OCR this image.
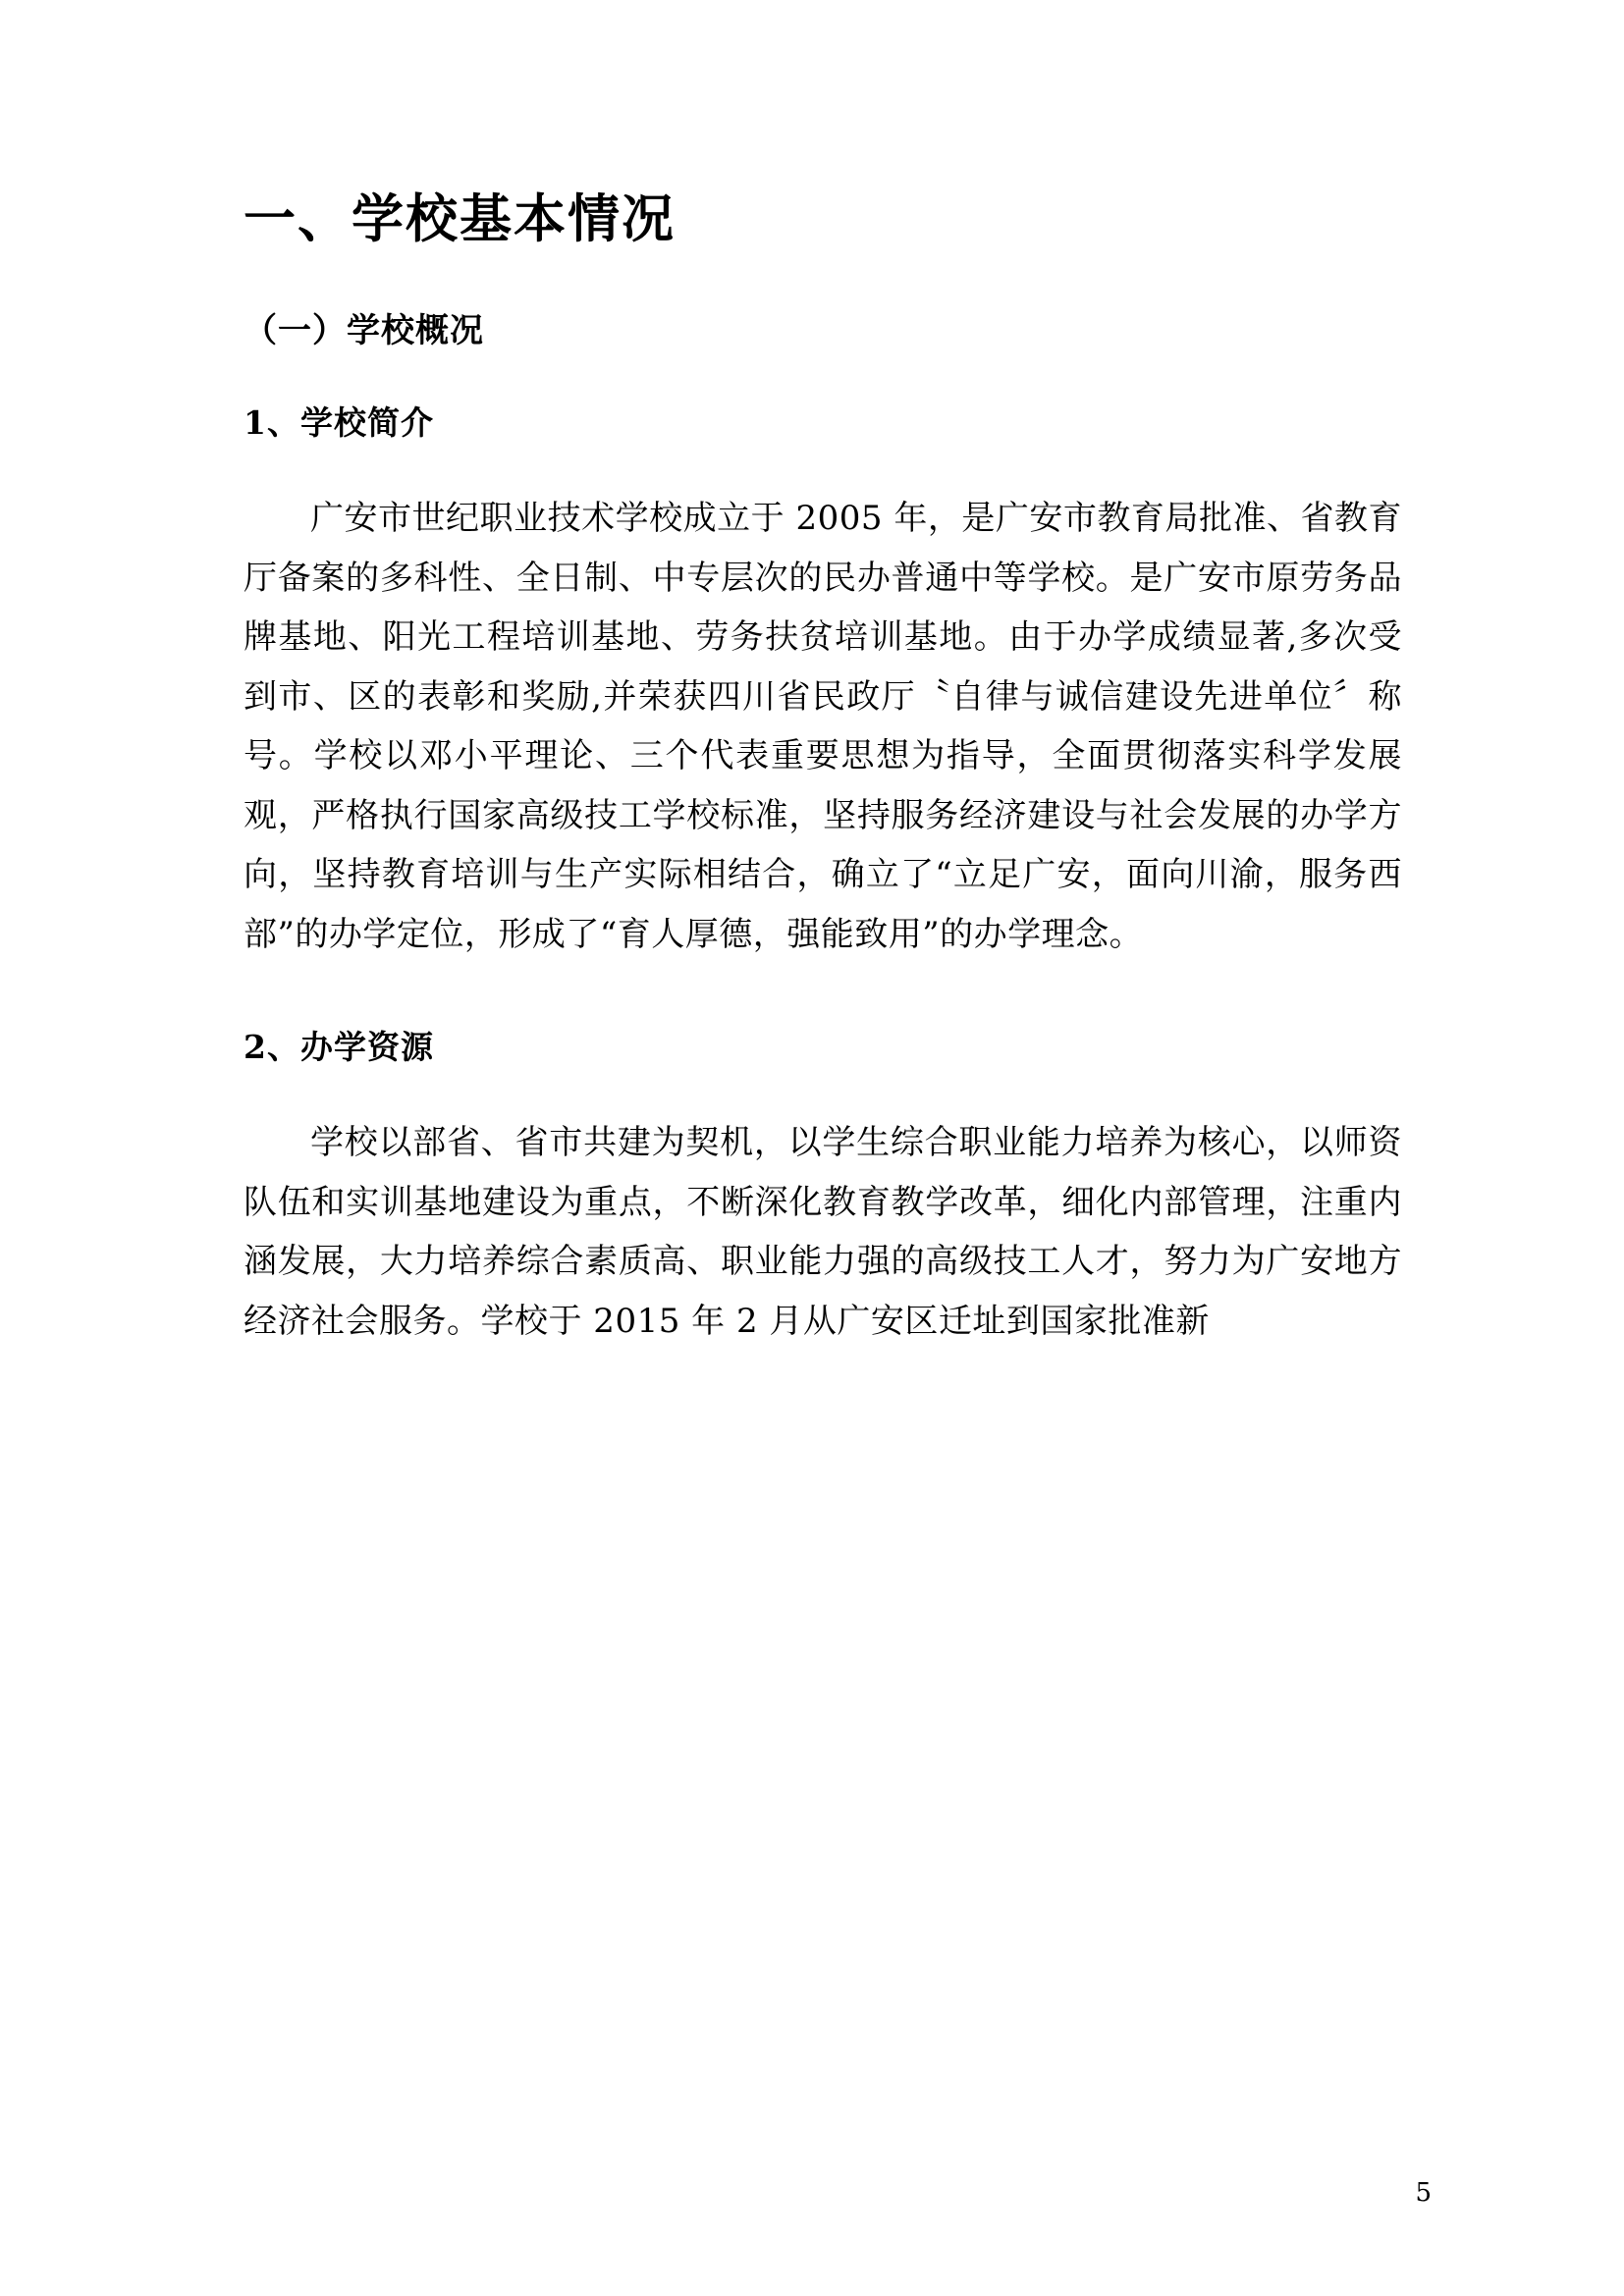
一、学校基本情况
（一）学校概况
1、学校简介

广安市世纪职业技术学校成立于 2005 年，是广安市教育局批准、省教育厅备案的多科性、全日制、中专层次的民办普通中等学校。是广安市原劳务品牌基地、阳光工程培训基地、劳务扶贫培训基地。由于办学成绩显著,多次受到市、区的表彰和奖励,并荣获四川省民政厅〝自律与诚信建设先进单位〞称号。学校以邓小平理论、三个代表重要思想为指导，全面贯彻落实科学发展观，严格执行国家高级技工学校标准，坚持服务经济建设与社会发展的办学方向，坚持教育培训与生产实际相结合，确立了“立足广安，面向川渝，服务西部”的办学定位，形成了“育人厚德，强能致用”的办学理念。

2、办学资源

学校以部省、省市共建为契机，以学生综合职业能力培养为核心，以师资队伍和实训基地建设为重点，不断深化教育教学改革，细化内部管理，注重内涵发展，大力培养综合素质高、职业能力强的高级技工人才，努力为广安地方经济社会服务。学校于 2015 年 2 月从广安区迁址到国家批准新

5
